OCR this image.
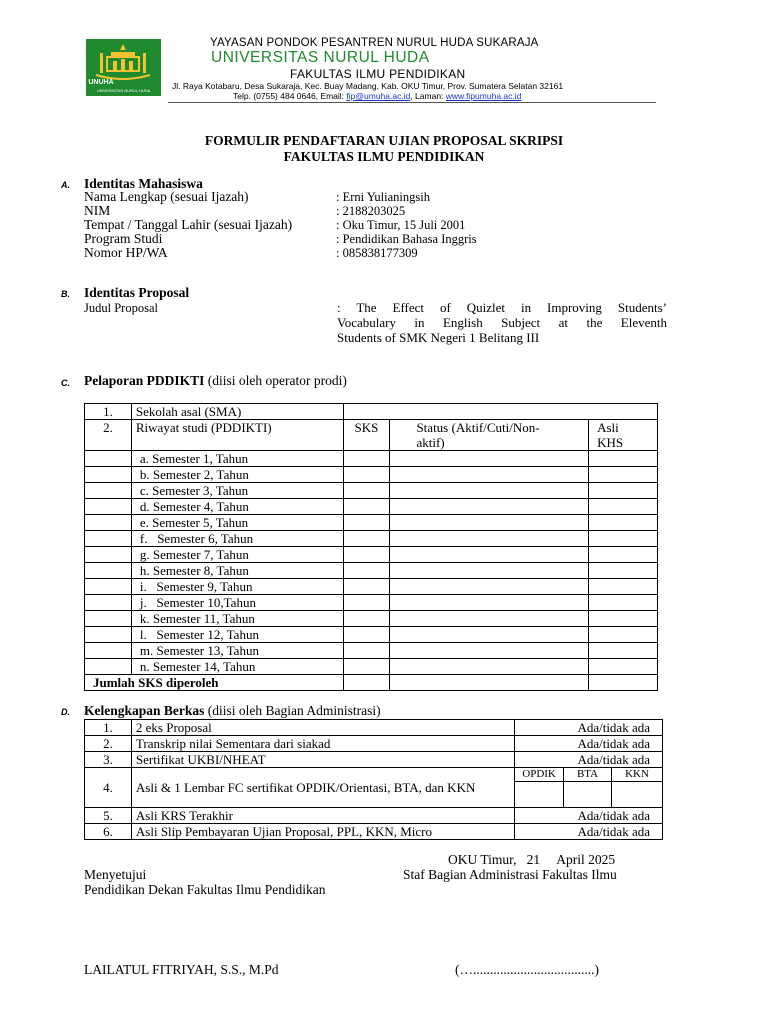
UNUHA
UNIVERSITAS NURUL HUDA
YAYASAN PONDOK PESANTREN NURUL HUDA SUKARAJA
UNIVERSITAS NURUL HUDA
FAKULTAS ILMU PENDIDIKAN
Jl. Raya Kotabaru, Desa Sukaraja, Kec. Buay Madang, Kab. OKU Timur, Prov. Sumatera Selatan 32161
Telp. (0755) 484 0646, Email: fip@umuha.ac.id, Laman: www.fipumuha.ac.id
FORMULIR PENDAFTARAN UJIAN PROPOSAL SKRIPSI
FAKULTAS ILMU PENDIDIKAN
A. Identitas Mahasiswa
Nama Lengkap (sesuai Ijazah)	: Erni Yulianingsih
NIM	: 2188203025
Tempat / Tanggal Lahir (sesuai Ijazah)	: Oku Timur, 15 Juli 2001
Program Studi	: Pendidikan Bahasa Inggris
Nomor HP/WA	: 085838177309
B. Identitas Proposal
Judul Proposal	: The Effect of Quizlet in Improving Students’
Vocabulary in English Subject at the Eleventh
Students of SMK Negeri 1 Belitang III
C. Pelaporan PDDIKTI (diisi oleh operator prodi)
1.	Sekolah asal (SMA)			
2.	Riwayat studi (PDDIKTI)	SKS	Status (Aktif/Cuti/Non-
aktif)	Asli
KHS
	a. Semester 1, Tahun			
	b. Semester 2, Tahun			
	c. Semester 3, Tahun			
	d. Semester 4, Tahun			
	e. Semester 5, Tahun			
	f.   Semester 6, Tahun			
	g. Semester 7, Tahun			
	h. Semester 8, Tahun			
	i.   Semester 9, Tahun			
	j.   Semester 10,Tahun			
	k. Semester 11, Tahun			
	l.   Semester 12, Tahun			
	m. Semester 13, Tahun			
	n. Semester 14, Tahun			
Jumlah SKS diperoleh				
D. Kelengkapan Berkas (diisi oleh Bagian Administrasi)
1.	2 eks Proposal	Ada/tidak ada		
2.	Transkrip nilai Sementara dari siakad	Ada/tidak ada		
3.	Sertifikat UKBI/NHEAT	Ada/tidak ada		
4.	Asli & 1 Lembar FC sertifikat OPDIK/Orientasi, BTA, dan KKN	OPDIK	BTA	KKN

5.	Asli KRS Terakhir	Ada/tidak ada		
6.	Asli Slip Pembayaran Ujian Proposal, PPL, KKN, Micro	Ada/tidak ada		
OKU Timur,   21     April 2025
Menyetujui	Staf Bagian Administrasi Fakultas Ilmu
Pendidikan Dekan Fakultas Ilmu Pendidikan
LAILATUL FITRIYAH, S.S., M.Pd	(…....................................)
